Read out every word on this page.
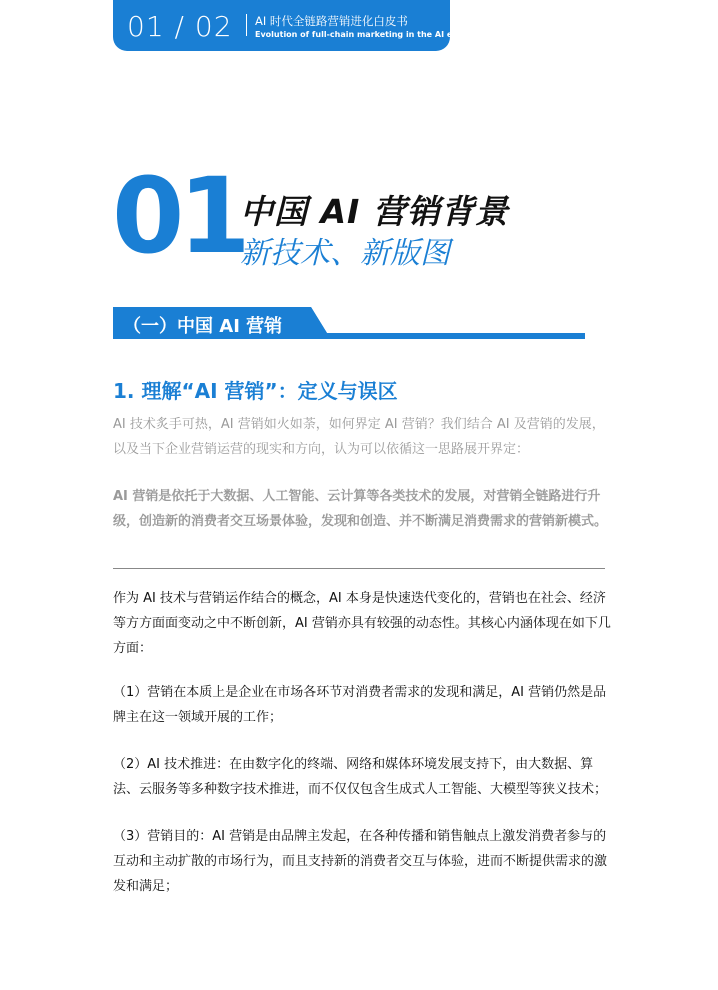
01 / 02 AI 时代全链路营销进化白皮书
Evolution of full-chain marketing in the AI era
01
中国 AI 营销背景
新技术、新版图
（一）中国 AI 营销
1. 理解“AI 营销”：定义与误区
AI 技术炙手可热，AI 营销如火如荼，如何界定 AI 营销？我们结合 AI 及营销的发展，以及当下企业营销运营的现实和方向，认为可以依循这一思路展开界定：
AI 营销是依托于大数据、人工智能、云计算等各类技术的发展，对营销全链路进行升级，创造新的消费者交互场景体验，发现和创造、并不断满足消费需求的营销新模式。
作为 AI 技术与营销运作结合的概念，AI 本身是快速迭代变化的，营销也在社会、经济等方方面面变动之中不断创新，AI 营销亦具有较强的动态性。其核心内涵体现在如下几方面：
（1）营销在本质上是企业在市场各环节对消费者需求的发现和满足，AI 营销仍然是品牌主在这一领域开展的工作；
（2）AI 技术推进：在由数字化的终端、网络和媒体环境发展支持下，由大数据、算法、云服务等多种数字技术推进，而不仅仅包含生成式人工智能、大模型等狭义技术；
（3）营销目的：AI 营销是由品牌主发起，在各种传播和销售触点上激发消费者参与的互动和主动扩散的市场行为，而且支持新的消费者交互与体验，进而不断提供需求的激发和满足；
